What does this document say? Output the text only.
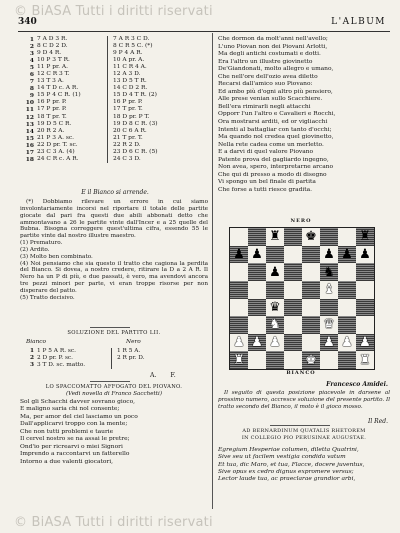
© BiASA Tutti i diritti riservati
© BiASA Tutti i diritti riservati
340	L'ALBUM
1 7 A D 3 R.	7 A R 3 C D.
2 8 C D 2 D.	8 C R 5 C. (*)
3 9 D 4 R.	9 P 4 A R.
4 10 P 3 T R.	10 A pr. A.
5 11 P pr. A.	11 C R 4 A.
6 12 C R 3 T.	12 A 3 D.
7 13 T 3 A.	13 D 5 T R.
8 14 T D c. A R.	14 C D 2 R.
9 15 P 4 C R. (1)	15 D 4 T R. (2)
10 16 P pr. P.	16 P pr. P.
11 17 P pr. P.	17 T pr. T.
12 18 T pr. T.	18 D pr. P T.
13 19 D 5 C R.	19 D 8 C R. (3)
14 20 R 2 A.	20 C 6 A R.
15 21 P 3 A. sc.	21 T pr. T.
16 22 D pr. T. sc.	22 R 2 D.
17 23 C 3 A. (4)	23 D 6 C R. (5)
18 24 C R c. A R.	24 C 3 D.
E il Bianco si arrende.

(*) Dobbiamo rilevare un errore in cui siamo involontariamente incorsi nel riportare il totale delle partite giocate dal pari fra questi due abili abbonati detto che ammontavano a 26 le partite vinte dall'Incer e a 25 quelle del Bubna. Bisogna correggere quest'ultima cifra, essendo 55 le partite vinte dal nostro illustre maestro.

(1) Prematuro.

(2) Ardito.

(3) Molto ben combinato.

(4) Noi pensiamo che sia questo il tratto che cagiona la perdita del Bianco. Si dovea, a nostro credere, ritirare la D a 2 A R. Il Nero ha un P di più, e due passati, è vero, ma avendovi ancora tre pezzi minori per parte, vi eran troppe risorse per non disperare del patto.

(5) Tratto decisivo.

SOLUZIONE DEL PARTITO LII.
Bianco	Nero
1 1 P 5 A R. sc.	1 R 5 A.
2 2 D pr. P. sc.	2 R pr. D.
3 3 T D. sc. matto.
A. F.
LO SPACCOMATTO AFFOGATO DEL PIOVANO.
(Vedi novella di Franco Sacchetti)
Sol gli Schacchi davver sovrano gioco,
E maligno saria chi nol consente;
Ma, per amor del ciel lasciamo un poco
Dall'applicarvi troppo con la mente;
Che non tutti problemi e taurie
Il cervel nostro se na assai le pretre;
Ond'io per ricrearvi o miei Signori
Imprendo a raccontarvi un fatterello
Intorno a due valenti giocatori,
Che dormon da molt'anni nell'avello;
L'uno Piovan non dei Piovani Arlotti,
Ma degli antichi costumati e dotti.
Era l'altro un illustre giovinetto
De'Giandonati, molto allegro e umano,
Che nell'ore dell'ozio avea diletto
Recarsi dall'amico suo Piovano:
Ed ambo più d'ogni altro più pensiero,
Alle prese venian sullo Scacchiere.
Bell'era rimirarli negli attacchi
Opporr l'un l'altro e Cavalieri e Rocchi,
Ora mostrarsi arditi, ed or vigliacchi
Intenti al battagliar con tanto d'occhi;
Ma quando nol credea quel giovinetto,
Nella rete cadea come un merletto.
E a darvi di quel valore Piovano
Patente prova del gagliardo ingegno,
Non avea, spero, interpretarne arcano
Che qui di presso a modo di disegno
Vi spongo un bel finale di partita
Che forse a tutti riesce gradita.
NERO
♜ ♚	♜
♟ ♟	♟ ♟ ♟
♟	♞
♝
♛
♞	♛
♟ ♟ ♟	♟ ♟ ♟
♜	♚	♜
BIANCO
Francesco Amidei.

Il seguito di questa posizione piacevole in darsene al prossimo numero, accresce soluzione del presente partito. Il tratto secondo del Bianco, il moto è il gioco mosso.

Il Red.
AD BERNARDINUM QUATALIS RHETOREM
IN COLLEGIO PIO PERUSINAE AUGUSTAE.
Egregium Hesperiae columen, diletta Quatrini,
Sive seu ut facilem vestigia condida vatum
Et tua, dic Maro, et tua, Flacce, docere juventus,
Sive opus ex cedro dignus expromere versus;
Lector laude tua, ac praeclarae grandior arbi,
